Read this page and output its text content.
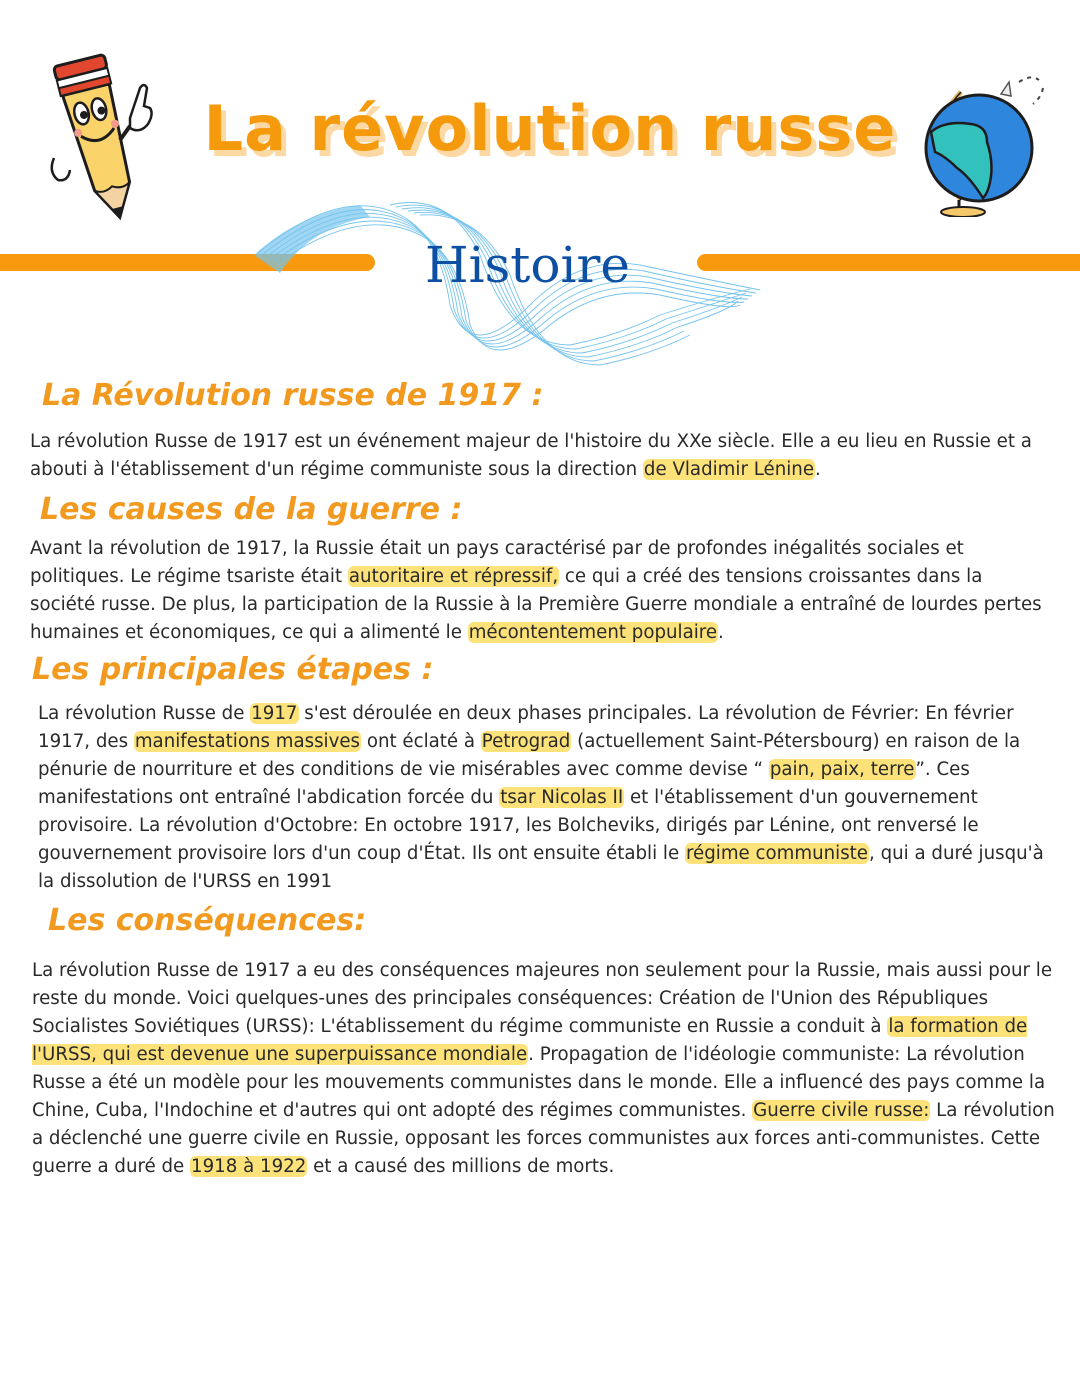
La révolution russe
Histoire
La Révolution russe de 1917 :
La révolution Russe de 1917 est un événement majeur de l'histoire du XXe siècle. Elle a eu lieu en Russie et a abouti à l'établissement d'un régime communiste sous la direction de Vladimir Lénine.
Les causes de la guerre :
Avant la révolution de 1917, la Russie était un pays caractérisé par de profondes inégalités sociales et politiques. Le régime tsariste était autoritaire et répressif, ce qui a créé des tensions croissantes dans la société russe. De plus, la participation de la Russie à la Première Guerre mondiale a entraîné de lourdes pertes humaines et économiques, ce qui a alimenté le mécontentement populaire.
Les principales étapes :
La révolution Russe de 1917 s'est déroulée en deux phases principales. La révolution de Février: En février 1917, des manifestations massives ont éclaté à Petrograd (actuellement Saint-Pétersbourg) en raison de la pénurie de nourriture et des conditions de vie misérables avec comme devise “ pain, paix, terre”. Ces manifestations ont entraîné l'abdication forcée du tsar Nicolas II et l'établissement d'un gouvernement provisoire. La révolution d'Octobre: En octobre 1917, les Bolcheviks, dirigés par Lénine, ont renversé le gouvernement provisoire lors d'un coup d'État. Ils ont ensuite établi le régime communiste, qui a duré jusqu'à la dissolution de l'URSS en 1991
Les conséquences:
La révolution Russe de 1917 a eu des conséquences majeures non seulement pour la Russie, mais aussi pour le reste du monde. Voici quelques-unes des principales conséquences: Création de l'Union des Républiques Socialistes Soviétiques (URSS): L'établissement du régime communiste en Russie a conduit à la formation de l'URSS, qui est devenue une superpuissance mondiale. Propagation de l'idéologie communiste: La révolution Russe a été un modèle pour les mouvements communistes dans le monde. Elle a influencé des pays comme la Chine, Cuba, l'Indochine et d'autres qui ont adopté des régimes communistes. Guerre civile russe: La révolution a déclenché une guerre civile en Russie, opposant les forces communistes aux forces anti-communistes. Cette guerre a duré de 1918 à 1922 et a causé des millions de morts.
